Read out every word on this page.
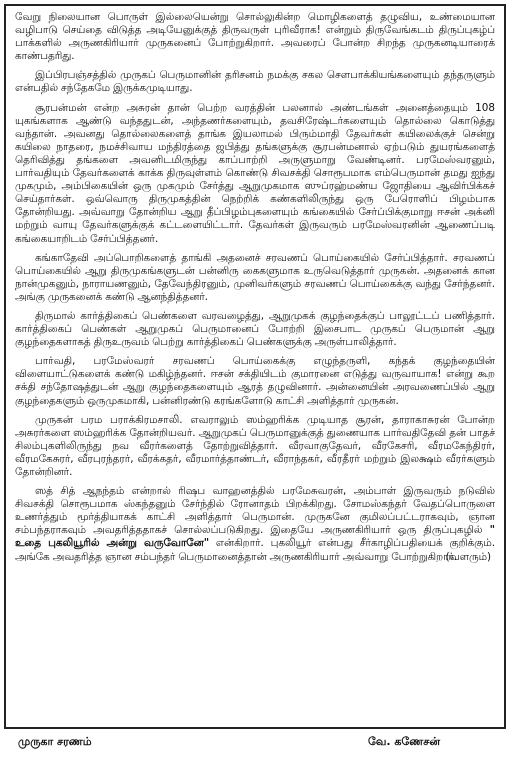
வேறு நிலையான பொருள் இல்லையென்று சொல்லுகின்ற மொழிகளைத் தழுவிய, உண்மையான வழிபாடு செய்தை விடுத்த அடியேனுக்குத் திருவருள் புரிவீராக! என்றும் திருவேங்கடம் திருப்புகழ்ப் பாக்களில் அருணகிரியார் முருகனைப் போற்றுகிறார். அவரைப் போன்ற சிறந்த முருகனடியாரைக் காண்பதரிது.

இப்பிரபஞ்சத்தில் முருகப் பெருமானின் தரிசனம் நமக்கு சகல சௌபாக்கியங்களையும் தந்தருளும் என்பதில் சந்தேகமே இருக்கமுடியாது.

சூரபன்மன் என்ற அசுரன் தான் பெற்ற வரத்தின் பலனால் அண்டங்கள் அனைத்தையும் 108 யுகங்களாக ஆண்டு வந்ததுடன், அந்தணர்களையும், தவசிரேஷ்டர்களையும் தொல்லை கொடுத்து வந்தான். அவனது தொல்லைகளைத் தாங்க இயலாமல் பிரும்மாதி தேவர்கள் கயிலைக்குச் சென்று கயிலை நாதரை, நமச்சிவாய மந்திரத்தை ஜபித்து தங்களுக்கு சூரபன்மனால் ஏற்படும் துயரங்களைத் தெரிவித்து தங்களை அவனிடமிருந்து காப்பாற்றி அருளுமாறு வேண்டினர். பரமேஸ்வரனும், பார்வதியும் தேவர்களைக் காக்க திருவுள்ளம் கொண்டு சிவசக்தி சொரூபமாக எம்பெருமான் தமது ஐந்து முகமும், அம்பிகையின் ஒரு முகமும் சேர்த்து ஆறுமுகமாக ஸுப்ரஹ்மண்ய ஜோதியை ஆவிர்பிக்கச் செய்தார்கள். ஒவ்வொரு திருமுகத்தின் நெற்றிக் கண்களிலிருந்து ஒரு பேரொளிப் பிழம்பாக தோன்றியது. அவ்வாறு தோன்றிய ஆறு தீப்பிழம்புகளையும் கங்கையில் சேர்ப்பிக்குமாறு ஈசன் அக்னி மற்றும் வாயு தேவர்களுக்குக் கட்டளையிட்டார். தேவர்கள் இருவரும் பரமேஸ்வரனின் ஆணைப்படி கங்கையாறிடம் சேர்ப்பித்தனர்.

கங்காதேவி அப்பொறிகளைத் தாங்கி அதனைச் சரவணப் பொய்கையில் சேர்ப்பித்தார். சரவணப் பொய்கையில் ஆறு திருமுகங்களுடன் பன்னிரு கைகளுமாக உருவெடுத்தார் முருகன். அதனைக் கான நான்முகனும், நாராயணனும், தேவேந்திரனும், முனிவர்களும் சரவணப் பொய்கைக்கு வந்து சேர்ந்தனர். அங்கு முருகனைக் கண்டு ஆனந்தித்தனர்.

திருமால் கார்த்திகைப் பெண்களை வரவழைத்து, ஆறுமுகக் குழந்தைக்குப் பாலூட்டப் பணித்தார். கார்த்திகைப் பெண்கள் ஆறுமுகப் பெருமானைப் போற்றி இசைபாட முருகப் பெருமான் ஆறு குழந்தைகளாகத் திருஉருவம் பெற்று கார்த்திகைப் பெண்களுக்கு அருள்பாலித்தார்.

பார்வதி, பரமேஸ்வரர் சரவணப் பொய்கைக்கு எழுந்தருளி, கந்தக் குழந்தையின் விளையாட்டுகளைக் கண்டு மகிழ்ந்தனர். ஈசன் சக்தியிடம் குமாரனை எடுத்து வருவாயாக! என்று கூற சக்தி சந்தோஷத்துடன் ஆறு குழந்தைகளையும் ஆரத் தழுவினார். அன்னையின் அரவணைப்பில் ஆறு குழந்தைகளும் ஒருமுகமாகி, பன்னிரண்டு கரங்களோடு காட்சி அளித்தார் முருகன்.

முருகன் பரம பராக்கிரமசாலி. எவராலும் ஸம்ஹரிக்க முடியாத சூரன், தாராகாசுரன் போன்ற அசுரர்களை ஸம்ஹரிக்க தோன்றியவர். ஆறுமுகப் பெருமானுக்குத் துணையாக பார்வதிதேவி தன் பாதச் சிலம்புகளிலிருந்து நவ வீரர்களைத் தோற்றுவித்தார். வீரவாகுதேவர், வீரகேசரி, வீரமகேந்திரர், வீரமகேசுரர், வீரபுரந்தரர், வீரக்கதர், வீரமார்த்தாண்டர், வீராந்தகர், வீரதீரர் மற்றும் இலக்ஷம் வீரர்களும் தோன்றினர்.

ஸத் சித் ஆநந்தம் என்றால் ரிஷப வாஹனத்தில் பரமேசுவரன், அம்பாள் இருவரும் நடுவில் சிவசக்தி சொரூபமாக ஸ்கந்தனும் சேர்ந்தில் ரோனாதம் பிறக்கிறது. சோமஸ்கந்தர் வேதப்பொருளை உணர்த்தும் மூர்த்தியாகக் காட்சி அளித்தார் பெருமான். முருகனே குமிலப்பட்டராகவும், ஞான சம்பந்தராகவும் அவதரித்ததாகச் சொல்லப்படுகிறது. இதையே அருணகிரியார் ஒரு திருப்புகழில் " உதை புகலியூரில் அன்று வருவோனே" என்கிறார். புகலியூர் என்பது சீர்காழிப்பதியைக் குறிக்கும். அங்கே அவதரித்த ஞான சம்பந்தர் பெருமானைத்தான் அருணகிரியார் அவ்வாறு போற்றுகிறார்.
(வளரும்)

முருகா சரணம்	வே. கணேசன்
